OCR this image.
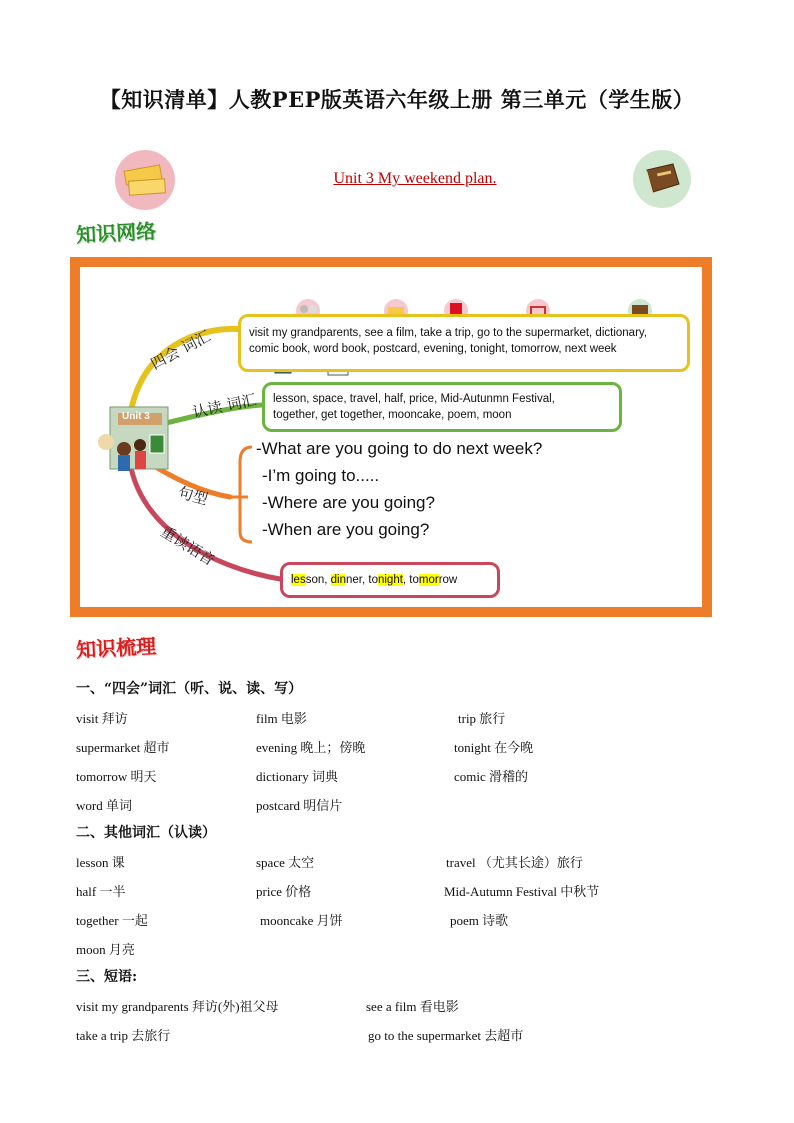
【知识清单】人教PEP版英语六年级上册 第三单元（学生版）
Unit 3 My weekend plan.
知识网络
四会 词汇
认读 词汇
句型
重读语音
visit my grandparents, see a film, take a trip, go to the supermarket, dictionary,
comic book, word book, postcard, evening, tonight, tomorrow, next week
lesson, space, travel, half, price, Mid-Autunmn Festival,
together, get together, mooncake, poem, moon
-What are you going to do next week?
-I’m going to.....
-Where are you going?
-When are you going?
lesson, dinner, tonight, tomorrow
Unit 3
知识梳理
一、“四会”词汇（听、说、读、写）
visit 拜访	film 电影	trip 旅行
supermarket 超市	evening 晚上；傍晚	tonight 在今晚
tomorrow 明天	dictionary 词典	comic 滑稽的
word 单词	postcard 明信片
二、其他词汇（认读）
lesson 课	space 太空	travel （尤其长途）旅行
half 一半	price 价格	Mid-Autumn Festival 中秋节
together 一起	mooncake 月饼	poem 诗歌
moon 月亮
三、短语:
visit my grandparents 拜访(外)祖父母	see a film 看电影
take a trip 去旅行	go to the supermarket 去超市
